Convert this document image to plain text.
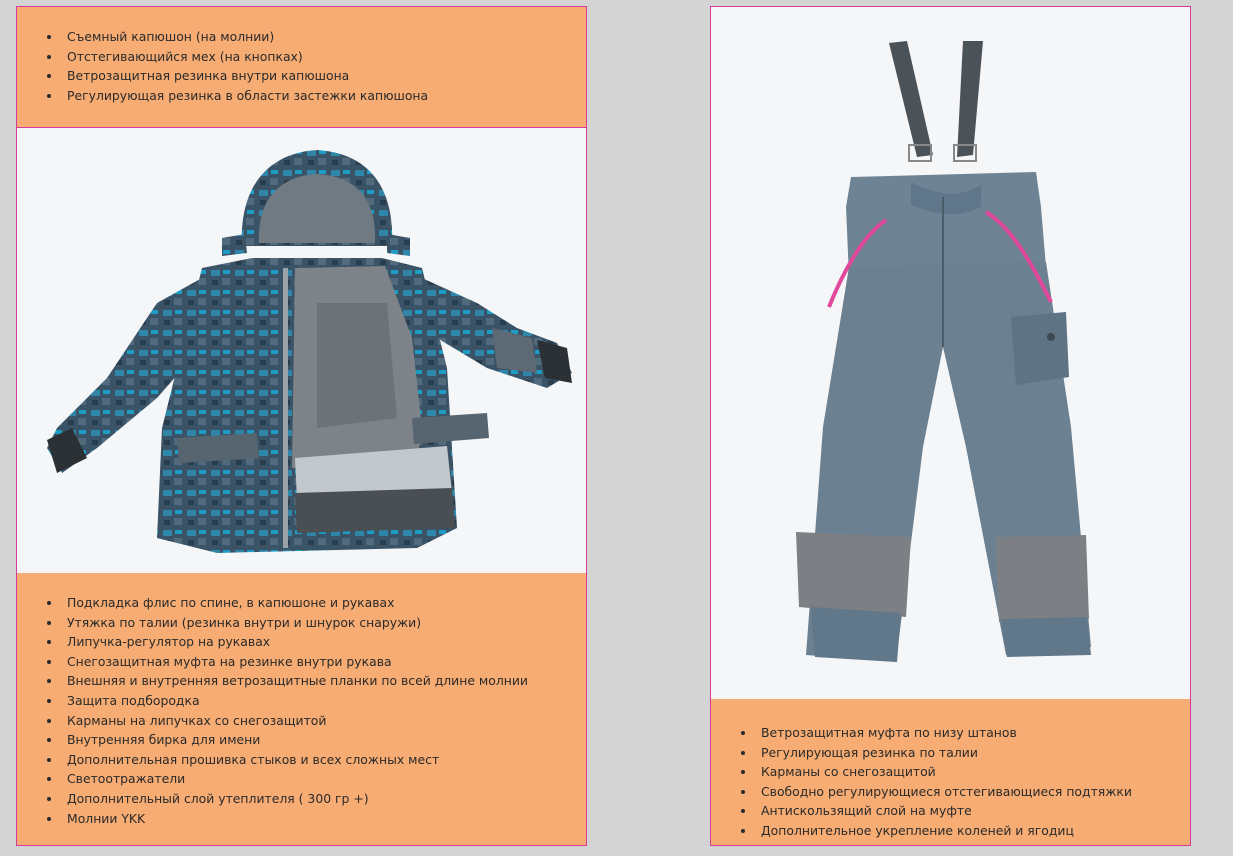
Съемный капюшон (на молнии)
Отстегивающийся мех (на кнопках)
Ветрозащитная резинка внутри капюшона
Регулирующая резинка в области застежки капюшона
Подкладка флис по спине, в капюшоне и рукавах
Утяжка по талии (резинка внутри и шнурок снаружи)
Липучка-регулятор на рукавах
Снегозащитная муфта на резинке внутри рукава
Внешняя и внутренняя ветрозащитные планки по всей длине молнии
Защита подбородка
Карманы на липучках со снегозащитой
Внутренняя бирка для имени
Дополнительная прошивка стыков и всех сложных мест
Светоотражатели
Дополнительный слой утеплителя ( 300 гр +)
Молнии YKK
Ветрозащитная муфта по низу штанов
Регулирующая резинка по талии
Карманы со снегозащитой
Свободно регулирующиеся отстегивающиеся подтяжки
Антискользящий слой на муфте
Дополнительное укрепление коленей и ягодиц
